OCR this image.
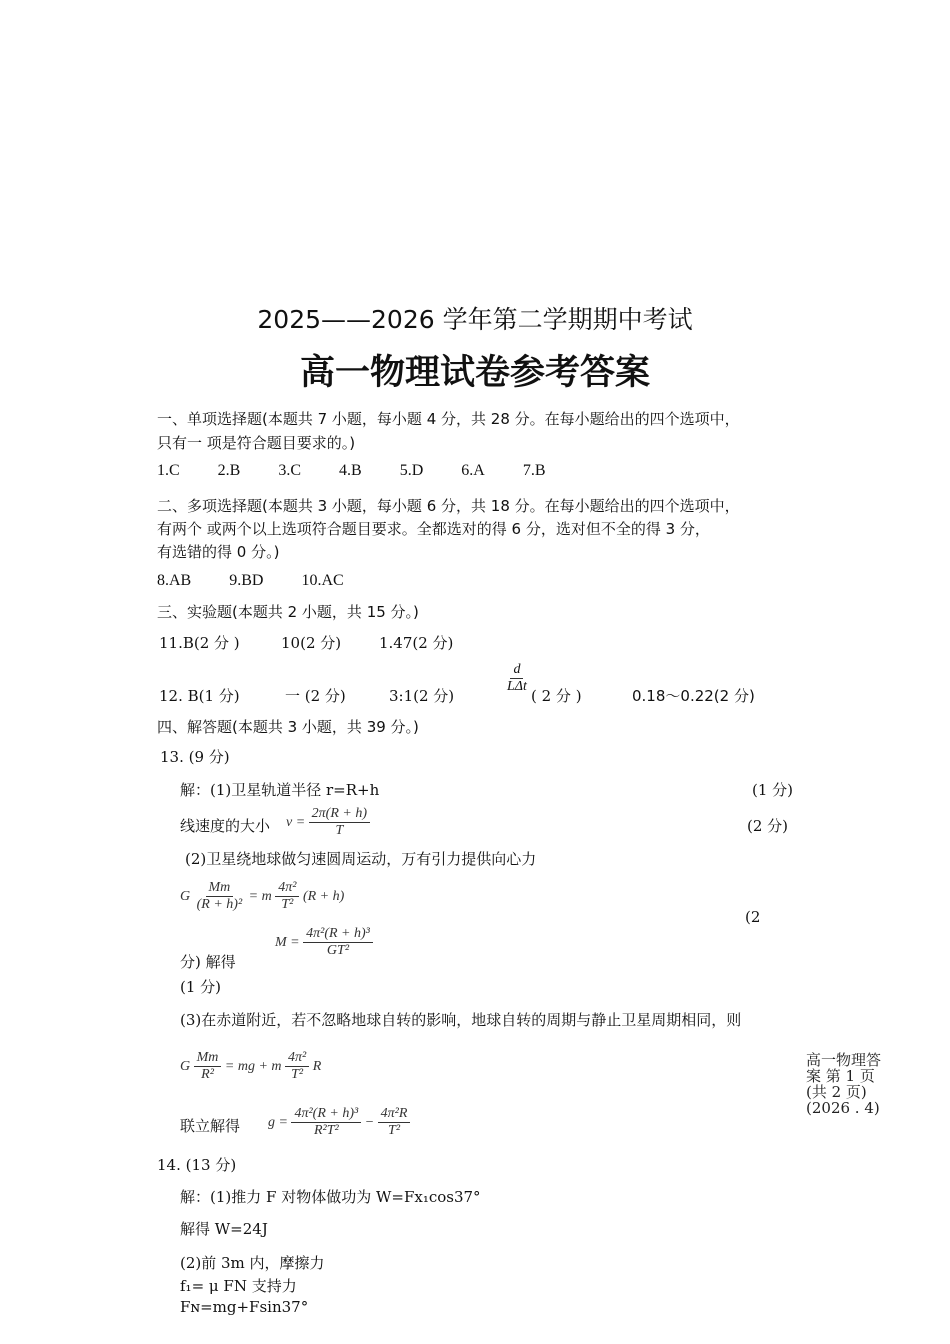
2025——2026 学年第二学期期中考试
高一物理试卷参考答案
一、单项选择题(本题共 7 小题，每小题 4 分，共 28 分。在每小题给出的四个选项中，
只有一 项是符合题目要求的。)
1.C 2.B 3.C 4.B 5.D 6.A 7.B
二、多项选择题(本题共 3 小题，每小题 6 分，共 18 分。在每小题给出的四个选项中，
有两个 或两个以上选项符合题目要求。全都选对的得 6 分，选对但不全的得 3 分，
有选错的得 0 分。)
8.AB 9.BD 10.AC
三、实验题(本题共 2 小题，共 15 分。)
11.B(2 分 )	10(2 分)	1.47(2 分)
12. B(1 分)	一 (2 分)	3:1(2 分)
$\frac{d}{\text{LΔt}}$
( 2 分 )	0.18～0.22(2 分)
四、解答题(本题共 3 小题，共 39 分。)
13. (9 分)
解：(1)卫星轨道半径 r=R+h	(1 分)
线速度的大小 $v = \frac{2\pi(R + h)}{T}$	(2 分)
(2)卫星绕地球做匀速圆周运动，万有引力提供向心力
G $\frac{Mm}{\text{(R + h)²}} = m \frac{\text{4π²}}{\text{T²}} (R + h)$
(2
分) 解得
$M = \frac{\text{4π²(R + h)³}}{\text{GT²}}$
(1 分)
(3)在赤道附近，若不忽略地球自转的影响，地球自转的周期与静止卫星周期相同，则
G $\frac{Mm}{\text{R²}}$ = mg + m $\frac{\text{4π²}}{\text{T²}}$ R
联立解得 $g = \frac{\text{4π²(R + h)³}}{\text{R²T²}} - \frac{\text{4π²R}}{\text{T²}}$
高一物理答
案 第 1 页
(共 2 页)
(2026 . 4)
14. (13 分)
解：(1)推力 F 对物体做功为 W=Fx₁cos37°
解得 W=24J
(2)前 3m 内，摩擦力
f₁= μ FN 支持力
Fɴ=mg+Fsin37°
